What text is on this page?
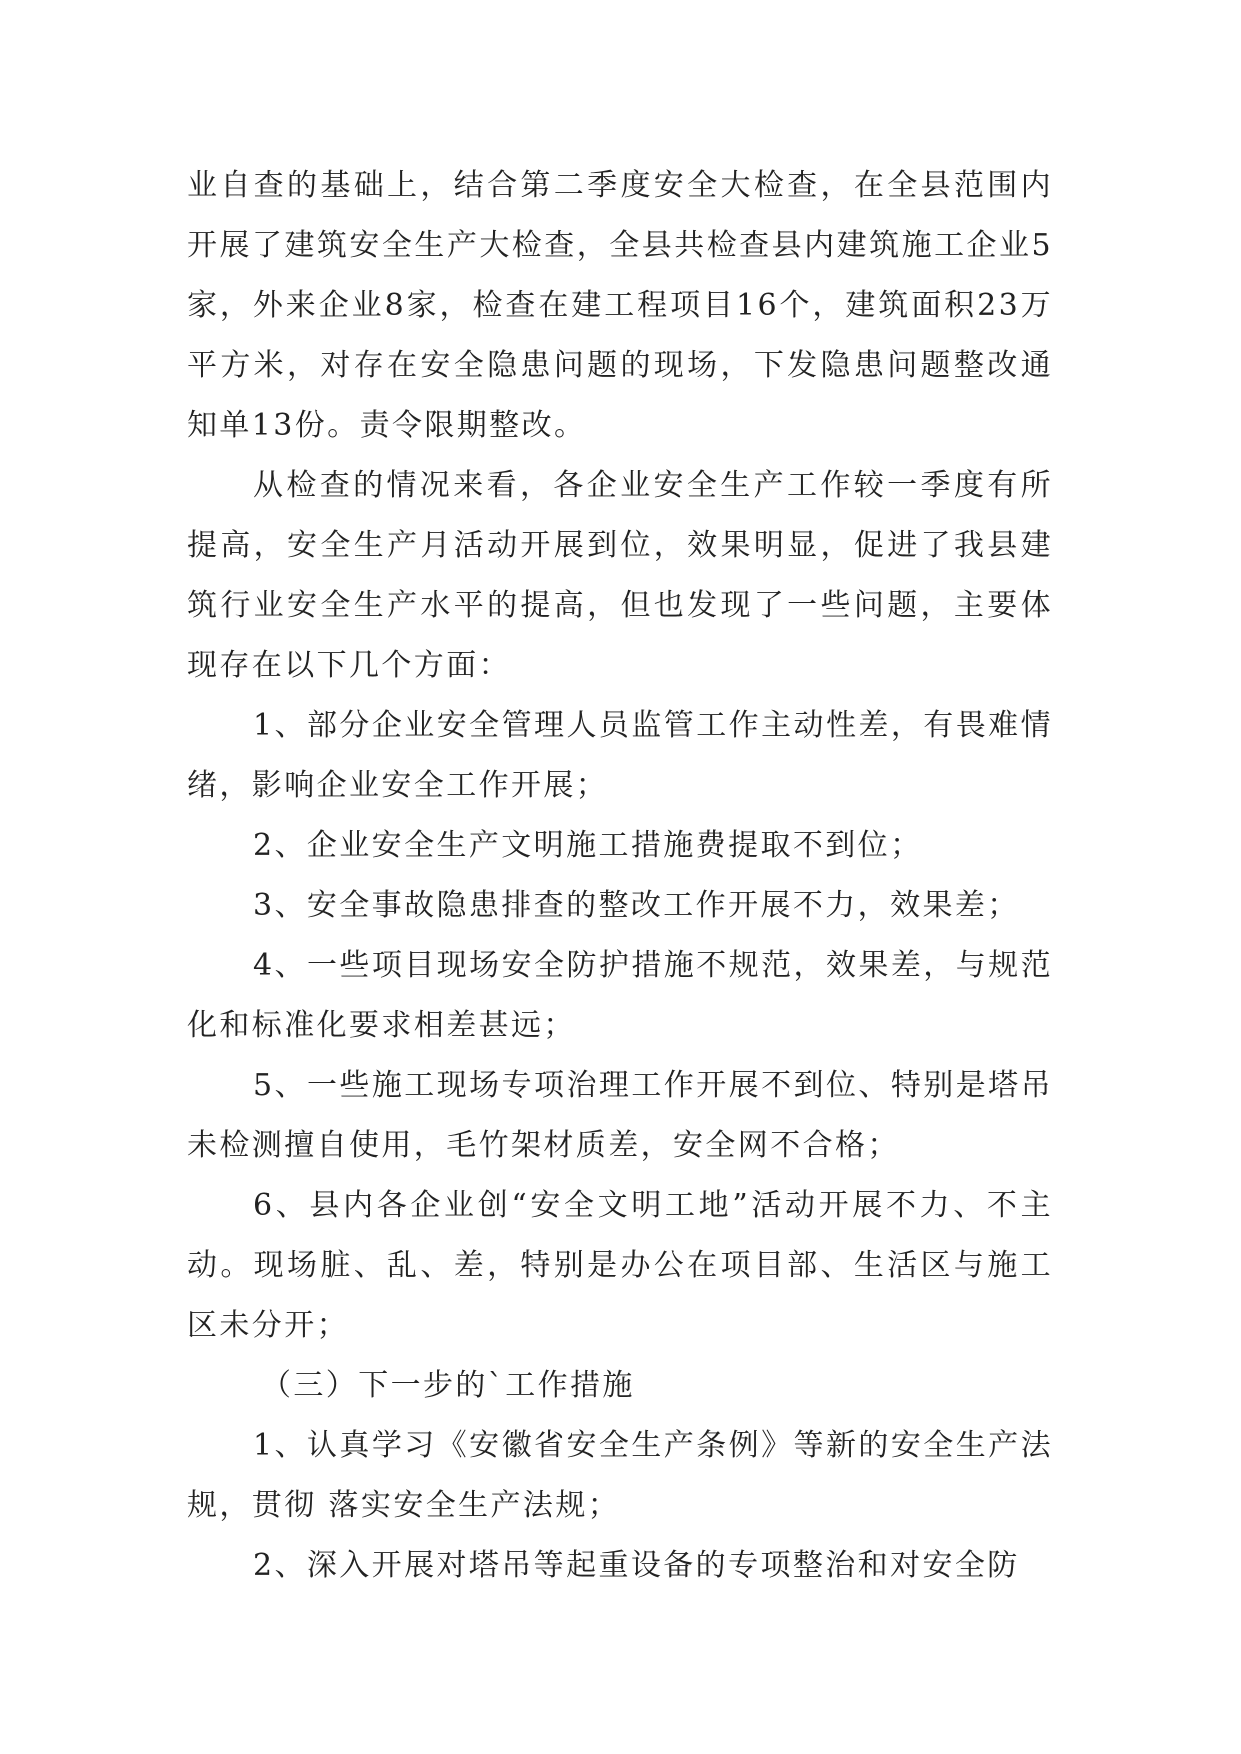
业自查的基础上，结合第二季度安全大检查，在全县范围内开展了建筑安全生产大检查，全县共检查县内建筑施工企业5家，外来企业8家，检查在建工程项目16个，建筑面积23万平方米，对存在安全隐患问题的现场，下发隐患问题整改通知单13份。责令限期整改。

从检查的情况来看，各企业安全生产工作较一季度有所提高，安全生产月活动开展到位，效果明显，促进了我县建筑行业安全生产水平的提高，但也发现了一些问题，主要体现存在以下几个方面：

1、部分企业安全管理人员监管工作主动性差，有畏难情绪，影响企业安全工作开展；

2、企业安全生产文明施工措施费提取不到位；

3、安全事故隐患排查的整改工作开展不力，效果差；

4、一些项目现场安全防护措施不规范，效果差，与规范化和标准化要求相差甚远；

5、一些施工现场专项治理工作开展不到位、特别是塔吊未检测擅自使用，毛竹架材质差，安全网不合格；

6、县内各企业创“安全文明工地”活动开展不力、不主动。现场脏、乱、差，特别是办公在项目部、生活区与施工区未分开；

（三）下一步的`工作措施

1、认真学习《安徽省安全生产条例》等新的安全生产法规，贯彻 落实安全生产法规；

2、深入开展对塔吊等起重设备的专项整治和对安全防
